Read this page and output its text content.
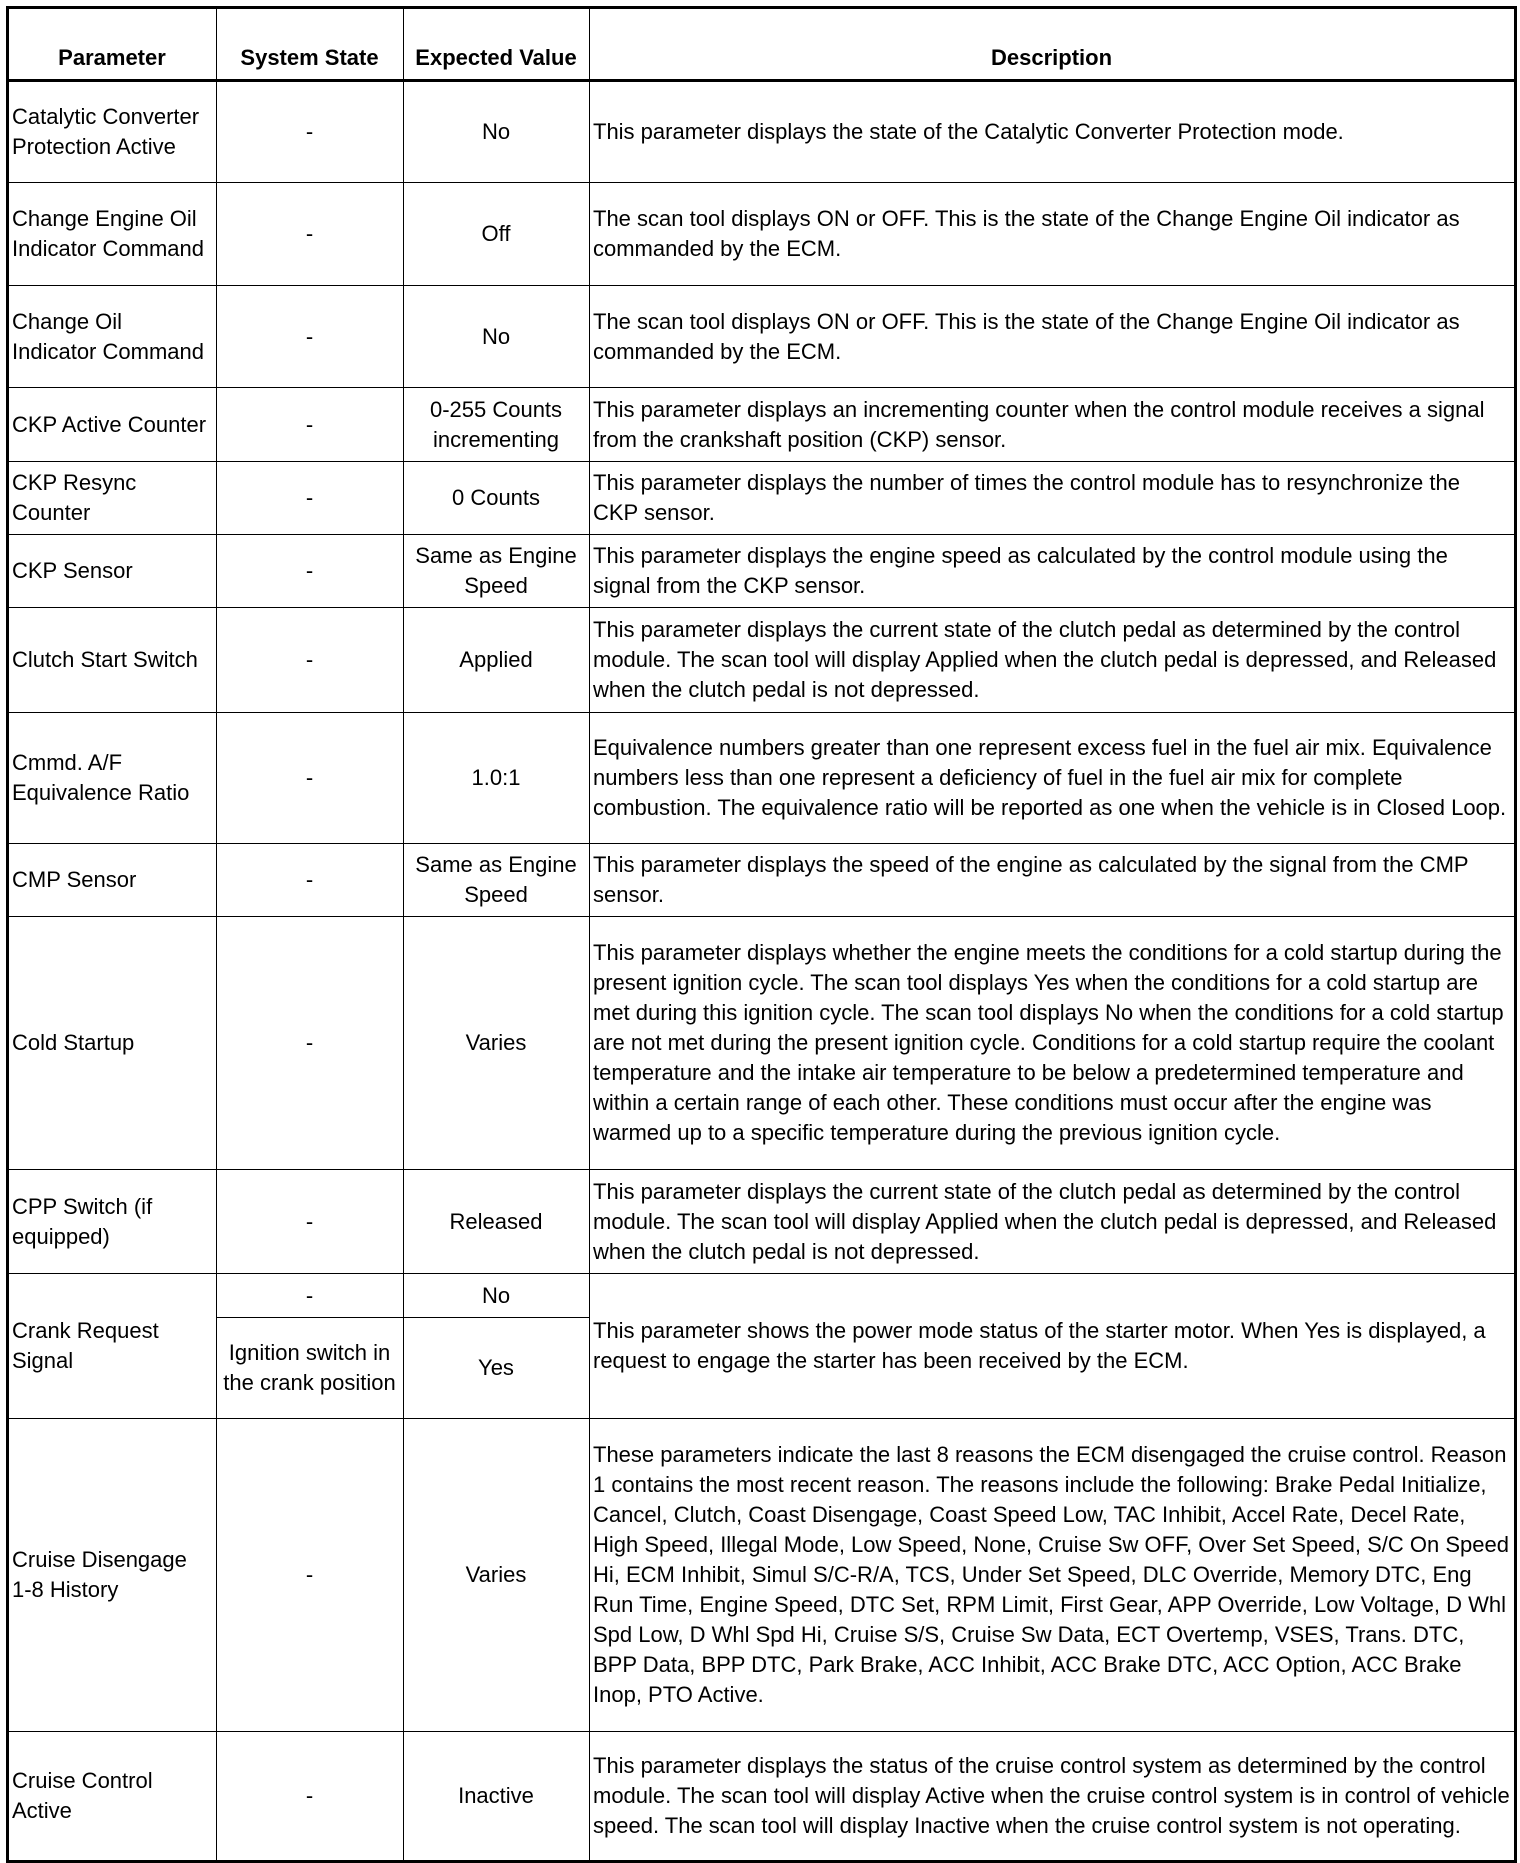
Parameter	System State	Expected Value	Description
Catalytic Converter Protection Active	-	No	This parameter displays the state of the Catalytic Converter Protection mode.
Change Engine Oil Indicator Command	-	Off	The scan tool displays ON or OFF. This is the state of the Change Engine Oil indicator as commanded by the ECM.
Change Oil Indicator Command	-	No	The scan tool displays ON or OFF. This is the state of the Change Engine Oil indicator as commanded by the ECM.
CKP Active Counter	-	0-255 Counts incrementing	This parameter displays an incrementing counter when the control module receives a signal from the crankshaft position (CKP) sensor.
CKP Resync Counter	-	0 Counts	This parameter displays the number of times the control module has to resynchronize the CKP sensor.
CKP Sensor	-	Same as Engine Speed	This parameter displays the engine speed as calculated by the control module using the signal from the CKP sensor.
Clutch Start Switch	-	Applied	This parameter displays the current state of the clutch pedal as determined by the control module. The scan tool will display Applied when the clutch pedal is depressed, and Released when the clutch pedal is not depressed.
Cmmd. A/F Equivalence Ratio	-	1.0:1	Equivalence numbers greater than one represent excess fuel in the fuel air mix. Equivalence numbers less than one represent a deficiency of fuel in the fuel air mix for complete combustion. The equivalence ratio will be reported as one when the vehicle is in Closed Loop.
CMP Sensor	-	Same as Engine Speed	This parameter displays the speed of the engine as calculated by the signal from the CMP sensor.
Cold Startup	-	Varies	This parameter displays whether the engine meets the conditions for a cold startup during the present ignition cycle. The scan tool displays Yes when the conditions for a cold startup are met during this ignition cycle. The scan tool displays No when the conditions for a cold startup are not met during the present ignition cycle. Conditions for a cold startup require the coolant temperature and the intake air temperature to be below a predetermined temperature and within a certain range of each other. These conditions must occur after the engine was warmed up to a specific temperature during the previous ignition cycle.
CPP Switch (if equipped)	-	Released	This parameter displays the current state of the clutch pedal as determined by the control module. The scan tool will display Applied when the clutch pedal is depressed, and Released when the clutch pedal is not depressed.
Crank Request Signal	-	No	This parameter shows the power mode status of the starter motor. When Yes is displayed, a request to engage the starter has been received by the ECM.
	Ignition switch in the crank position	Yes	
Cruise Disengage 1-8 History	-	Varies	These parameters indicate the last 8 reasons the ECM disengaged the cruise control. Reason 1 contains the most recent reason. The reasons include the following: Brake Pedal Initialize, Cancel, Clutch, Coast Disengage, Coast Speed Low, TAC Inhibit, Accel Rate, Decel Rate, High Speed, Illegal Mode, Low Speed, None, Cruise Sw OFF, Over Set Speed, S/C On Speed Hi, ECM Inhibit, Simul S/C-R/A, TCS, Under Set Speed, DLC Override, Memory DTC, Eng Run Time, Engine Speed, DTC Set, RPM Limit, First Gear, APP Override, Low Voltage, D Whl Spd Low, D Whl Spd Hi, Cruise S/S, Cruise Sw Data, ECT Overtemp, VSES, Trans. DTC, BPP Data, BPP DTC, Park Brake, ACC Inhibit, ACC Brake DTC, ACC Option, ACC Brake Inop, PTO Active.
Cruise Control Active	-	Inactive	This parameter displays the status of the cruise control system as determined by the control module. The scan tool will display Active when the cruise control system is in control of vehicle speed. The scan tool will display Inactive when the cruise control system is not operating.
